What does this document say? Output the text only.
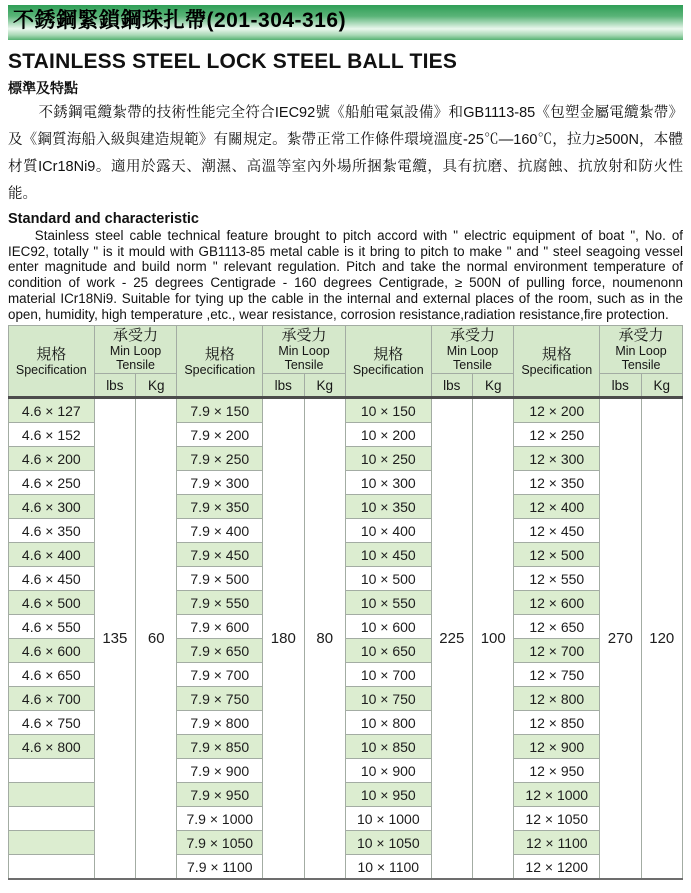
不銹鋼緊鎖鋼珠扎帶(201-304-316)
STAINLESS STEEL LOCK STEEL BALL TIES
標準及特點

不銹鋼電纜紮帶的技術性能完全符合IEC92號《船舶電氣設備》和GB1113-85《包塑金屬電纜紮帶》及《鋼質海船入級與建造規範》有關規定。紮帶正常工作條件環境溫度-25℃—160℃，拉力≥500N，本體材質ICr18Ni9。適用於露天、潮濕、高溫等室內外場所捆紮電纜，具有抗磨、抗腐蝕、抗放射和防火性能。

Standard and characteristic

Stainless steel cable technical feature brought to pitch accord with " electric equipment of boat ", No. of IEC92, totally " is it mould with GB1113-85 metal cable is it bring to pitch to make " and " steel seagoing vessel enter magnitude and build norm " relevant regulation. Pitch and take the normal environment temperature of condition of work - 25 degrees Centigrade - 160 degrees Centigrade, ≥ 500N of pulling force, noumenonn material ICr18Ni9. Suitable for tying up the cable in the internal and external places of the room, such as in the open, humidity, high temperature ,etc., wear resistance, corrosion resistance,radiation resistance,fire protection.

規格
Specification

承受力
Min Loop
Tensile

規格
Specification

承受力
Min Loop
Tensile

規格
Specification

承受力
Min Loop
Tensile

規格
Specification

承受力
Min Loop
Tensile

	lbs	Kg		lbs	Kg		lbs	Kg		lbs	Kg
4.6 × 127	135	60	7.9 × 150	180	80	10 × 150	225	100	12 × 200	270	120
4.6 × 152			7.9 × 200			10 × 200			12 × 250		
4.6 × 200			7.9 × 250			10 × 250			12 × 300		
4.6 × 250			7.9 × 300			10 × 300			12 × 350		
4.6 × 300			7.9 × 350			10 × 350			12 × 400		
4.6 × 350			7.9 × 400			10 × 400			12 × 450		
4.6 × 400			7.9 × 450			10 × 450			12 × 500		
4.6 × 450			7.9 × 500			10 × 500			12 × 550		
4.6 × 500			7.9 × 550			10 × 550			12 × 600		
4.6 × 550			7.9 × 600			10 × 600			12 × 650		
4.6 × 600			7.9 × 650			10 × 650			12 × 700		
4.6 × 650			7.9 × 700			10 × 700			12 × 750		
4.6 × 700			7.9 × 750			10 × 750			12 × 800		
4.6 × 750			7.9 × 800			10 × 800			12 × 850		
4.6 × 800			7.9 × 850			10 × 850			12 × 900		
			7.9 × 900			10 × 900			12 × 950		
			7.9 × 950			10 × 950			12 × 1000		
			7.9 × 1000			10 × 1000			12 × 1050		
			7.9 × 1050			10 × 1050			12 × 1100		
			7.9 × 1100			10 × 1100			12 × 1200		
